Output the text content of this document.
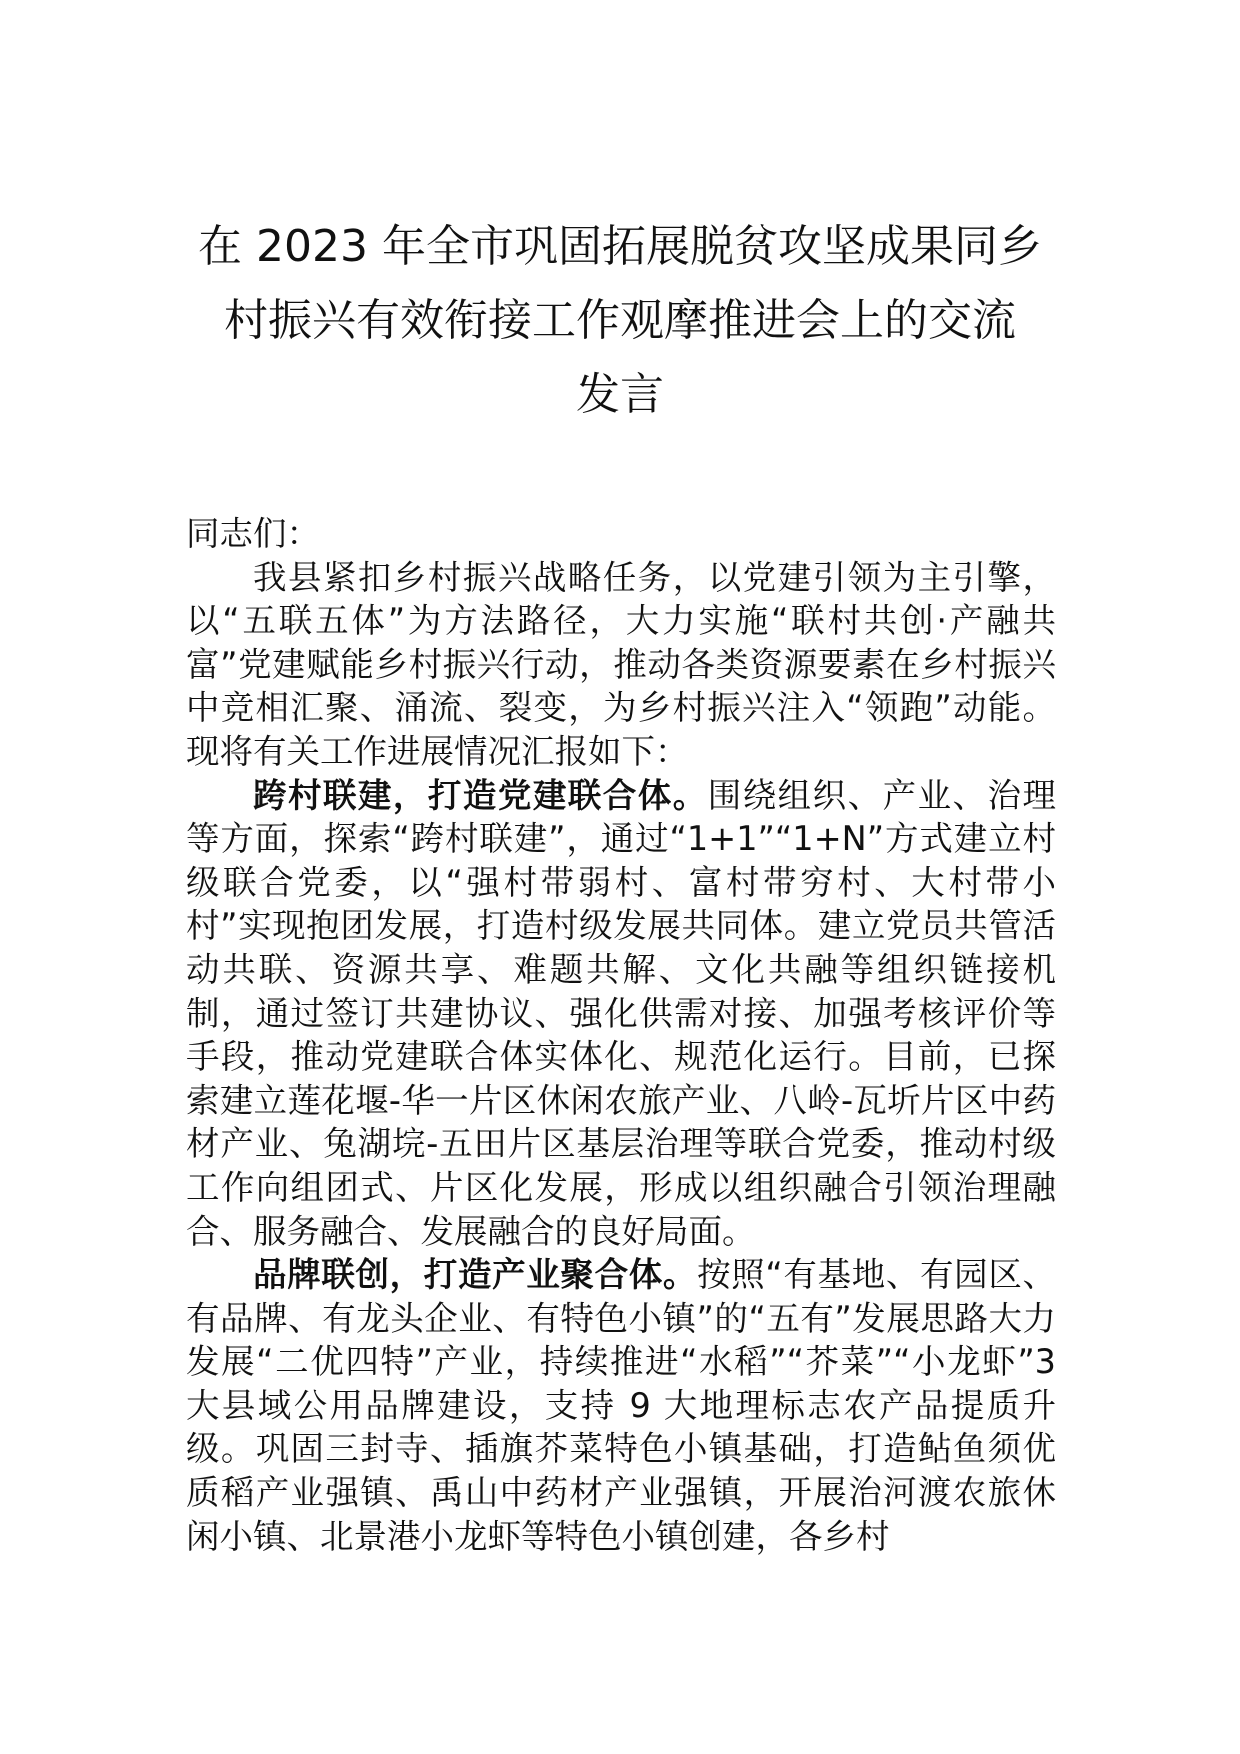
在 2023 年全市巩固拓展脱贫攻坚成果同乡
村振兴有效衔接工作观摩推进会上的交流
发言

同志们：

我县紧扣乡村振兴战略任务，以党建引领为主引擎，以“五联五体”为方法路径，大力实施“联村共创·产融共富”党建赋能乡村振兴行动，推动各类资源要素在乡村振兴中竞相汇聚、涌流、裂变，为乡村振兴注入“领跑”动能。现将有关工作进展情况汇报如下：

跨村联建，打造党建联合体。围绕组织、产业、治理等方面，探索“跨村联建”，通过“1+1”“1+N”方式建立村级联合党委，以“强村带弱村、富村带穷村、大村带小村”实现抱团发展，打造村级发展共同体。建立党员共管活动共联、资源共享、难题共解、文化共融等组织链接机制，通过签订共建协议、强化供需对接、加强考核评价等手段，推动党建联合体实体化、规范化运行。目前，已探索建立莲花堰-华一片区休闲农旅产业、八岭-瓦圻片区中药材产业、兔湖垸-五田片区基层治理等联合党委，推动村级工作向组团式、片区化发展，形成以组织融合引领治理融合、服务融合、发展融合的良好局面。

品牌联创，打造产业聚合体。按照“有基地、有园区、有品牌、有龙头企业、有特色小镇”的“五有”发展思路大力发展“二优四特”产业，持续推进“水稻”“芥菜”“小龙虾”3 大县域公用品牌建设，支持 9 大地理标志农产品提质升级。巩固三封寺、插旗芥菜特色小镇基础，打造鲇鱼须优质稻产业强镇、禹山中药材产业强镇，开展治河渡农旅休闲小镇、北景港小龙虾等特色小镇创建，各乡村
